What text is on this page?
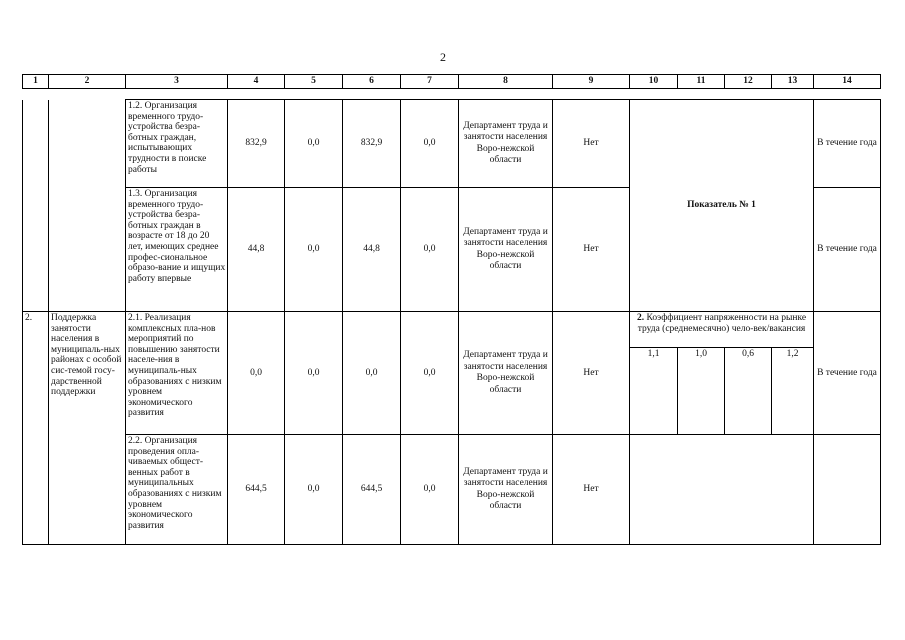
2
1	2	3	4	5	6	7	8	9	10	11	12	13	14
		1.2. Организация временного трудо-устройства безра-ботных граждан, испытывающих трудности в поиске работы	832,9	0,0	832,9	0,0	Департамент труда и занятости населения Воро-нежской области	Нет	Показатель № 1				В течение года
		1.3. Организация временного трудо-устройства безра-ботных граждан в возрасте от 18 до 20 лет, имеющих среднее профес-сиональное образо-вание и ищущих работу впервые	44,8	0,0	44,8	0,0	Департамент труда и занятости населения Воро-нежской области	Нет					В течение года
2.	Поддержка занятости населения в муниципаль-ных районах с особой сис-темой госу-дарственной поддержки	2.1. Реализация комплексных пла-нов мероприятий по повышению занятости населе-ния в муниципаль-ных образованиях с низким уровнем экономического развития	0,0	0,0	0,0	0,0	Департамент труда и занятости населения Воро-нежской области	Нет	2. Коэффициент напряженности на рынке труда (среднемесячно) чело-век/вакансия				В течение года
									1,1	1,0	0,6	1,2	
		2.2. Организация проведения опла-чиваемых общест-венных работ в муниципальных образованиях с низким уровнем экономического развития	644,5	0,0	644,5	0,0	Департамент труда и занятости населения Воро-нежской области	Нет					
